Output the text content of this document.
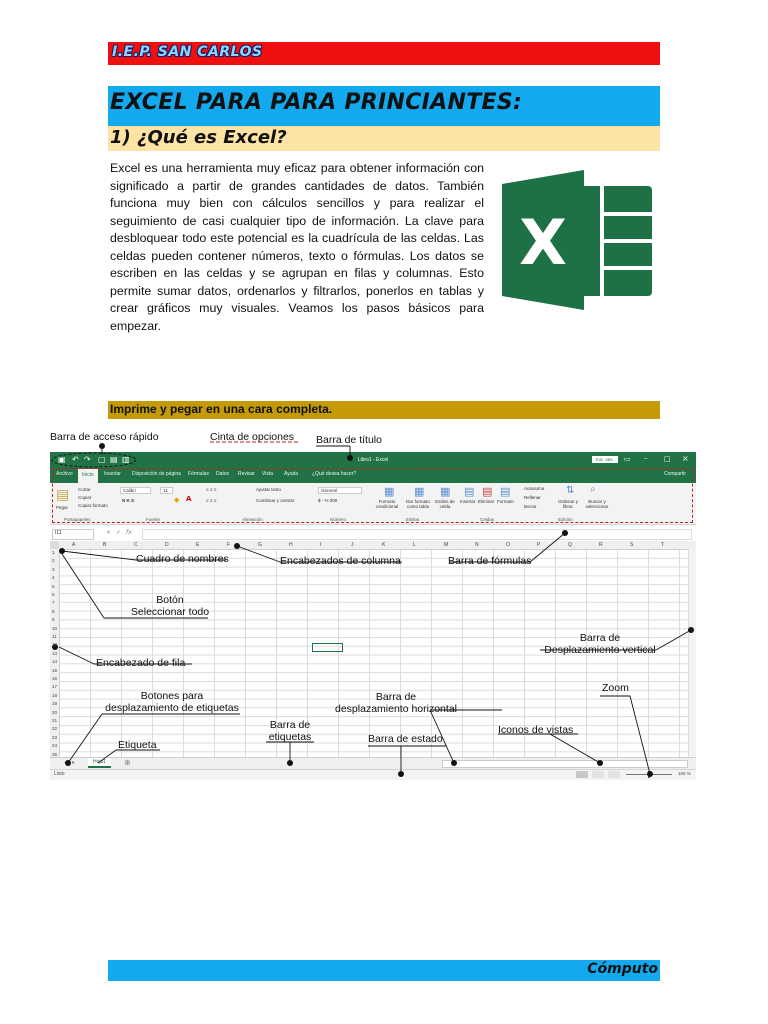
I.E.P. SAN CARLOS
EXCEL PARA PARA PRINCIANTES:
1) ¿Qué es Excel?
Excel es una herramienta muy eficaz para obtener información con significado a partir de grandes cantidades de datos. También funciona muy bien con cálculos sencillos y para realizar el seguimiento de casi cualquier tipo de información. La clave para desbloquear todo este potencial es la cuadrícula de las celdas. Las celdas pueden contener números, texto o fórmulas. Los datos se escriben en las celdas y se agrupan en filas y columnas. Esto permite sumar datos, ordenarlos y filtrarlos, ponerlos en tablas y crear gráficos muy visuales. Veamos los pasos básicos para empezar.
X
Imprime y pegar en una cara completa.
▣ ↶ ↷ ▢ ▤ ▥	Libro1 - Excel	Inic. ses.	▭ – □ ×
Archivo	Inicio	Insertar Disposición de página Fórmulas Datos Revisar Vista Ayuda	¿Qué desea hacer?	Compartir
▤
Pegar
Cortar
Copiar
Copiar formato
Calibri	11
N K S	◆ A
≡ ≡ ≡
≡ ≡ ≡
Ajustar texto
Combinar y centrar
General
$ - % 000
▦
Formato condicional
▦
Dar formato como tabla
▦
Estilos de celda
▤
Insertar
▤
Eliminar
▤
Formato
Autosuma
Rellenar
Borrar
⇅
Ordenar y filtrar
⌕
Buscar y seleccionar
Portapapeles	Fuente	Alineación	Número	Estilos	Celdas	Edición
I11	× ✓ fx
▸	Hoja1	⊕
Listo	100 %
Barra de acceso rápido	Cinta de opciones Barra de título
Cuadro de nombres	Encabezados de columna	Barra de fórmulas
Botón
Seleccionar todo
Barra de
Desplazamiento vertical
Encabezado de fila
Zoom
Botones para
desplazamiento de etiquetas
Barra de
desplazamiento horizontal
Barra de
etiquetas
Iconos de vistas
Etiqueta	Barra de estado
A	B	C	D	E	F	G	H	I	J	K	L	M	N	O	P	Q	R	S	T
1
2
3
4
5
6
7
8
9
10
11
12
13
14
15
16
17
18
19
20
21
22
23
24
25
Cómputo
